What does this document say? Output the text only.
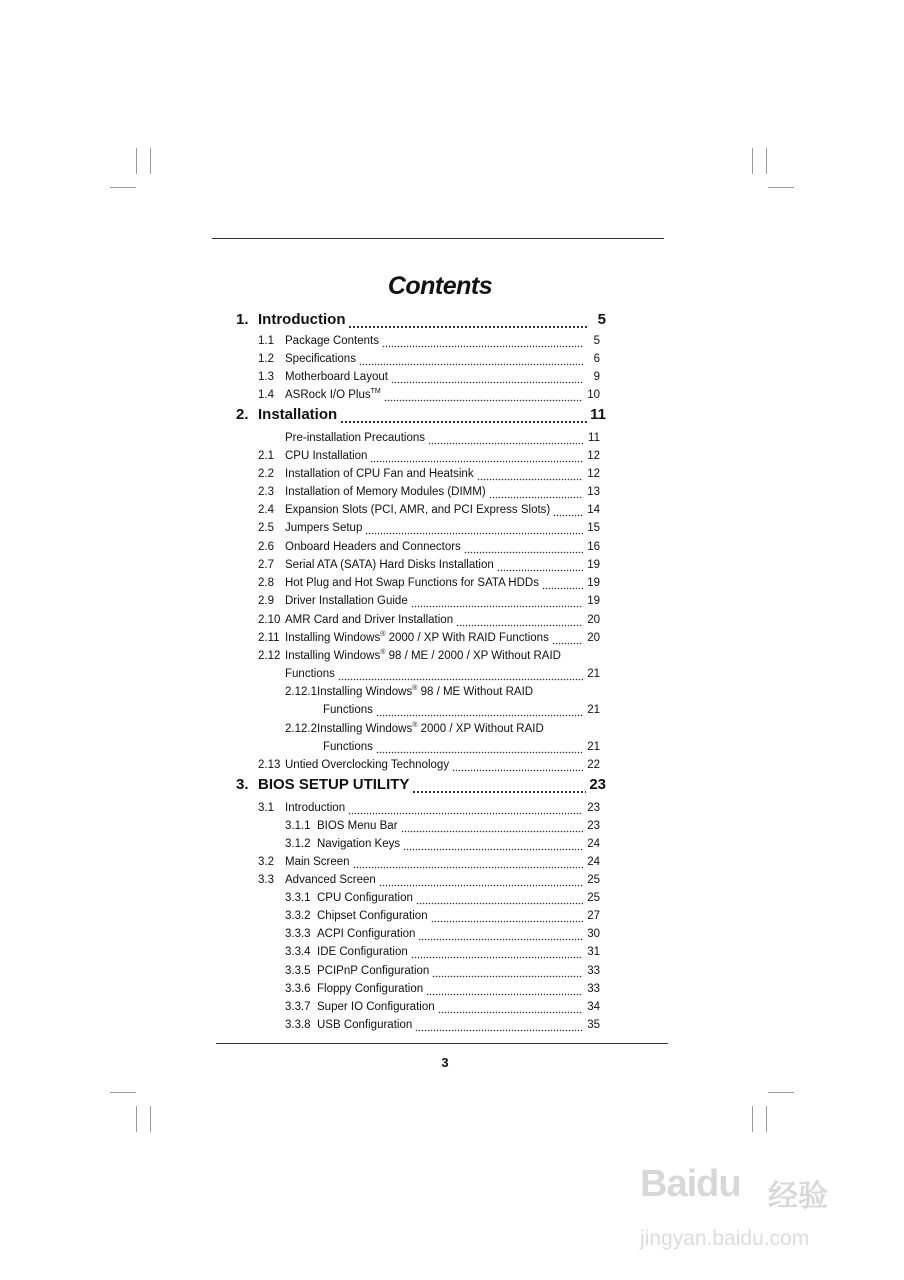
Contents
1. Introduction	5
1.1 Package Contents	5
1.2 Specifications	6
1.3 Motherboard Layout	9
1.4 ASRock I/O Plus™	10
2. Installation	11
Pre-installation Precautions	11
2.1 CPU Installation	12
2.2 Installation of CPU Fan and Heatsink	12
2.3 Installation of Memory Modules (DIMM)	13
2.4 Expansion Slots (PCI, AMR, and PCI Express Slots)	14
2.5 Jumpers Setup	15
2.6 Onboard Headers and Connectors	16
2.7 Serial ATA (SATA) Hard Disks Installation	19
2.8 Hot Plug and Hot Swap Functions for SATA HDDs	19
2.9 Driver Installation Guide	19
2.10 AMR Card and Driver Installation	20
2.11 Installing Windows® 2000 / XP With RAID Functions	20
2.12 Installing Windows® 98 / ME / 2000 / XP Without RAID
Functions	21
2.12.1Installing Windows® 98 / ME Without RAID
Functions	21
2.12.2Installing Windows® 2000 / XP Without RAID
Functions	21
2.13 Untied Overclocking Technology	22
3. BIOS SETUP UTILITY	23
3.1 Introduction	23
3.1.1 BIOS Menu Bar	23
3.1.2 Navigation Keys	24
3.2 Main Screen	24
3.3 Advanced Screen	25
3.3.1 CPU Configuration	25
3.3.2 Chipset Configuration	27
3.3.3 ACPI Configuration	30
3.3.4 IDE Configuration	31
3.3.5 PCIPnP Configuration	33
3.3.6 Floppy Configuration	33
3.3.7 Super IO Configuration	34
3.3.8 USB Configuration	35
3
Baidu 经验
jingyan.baidu.com
